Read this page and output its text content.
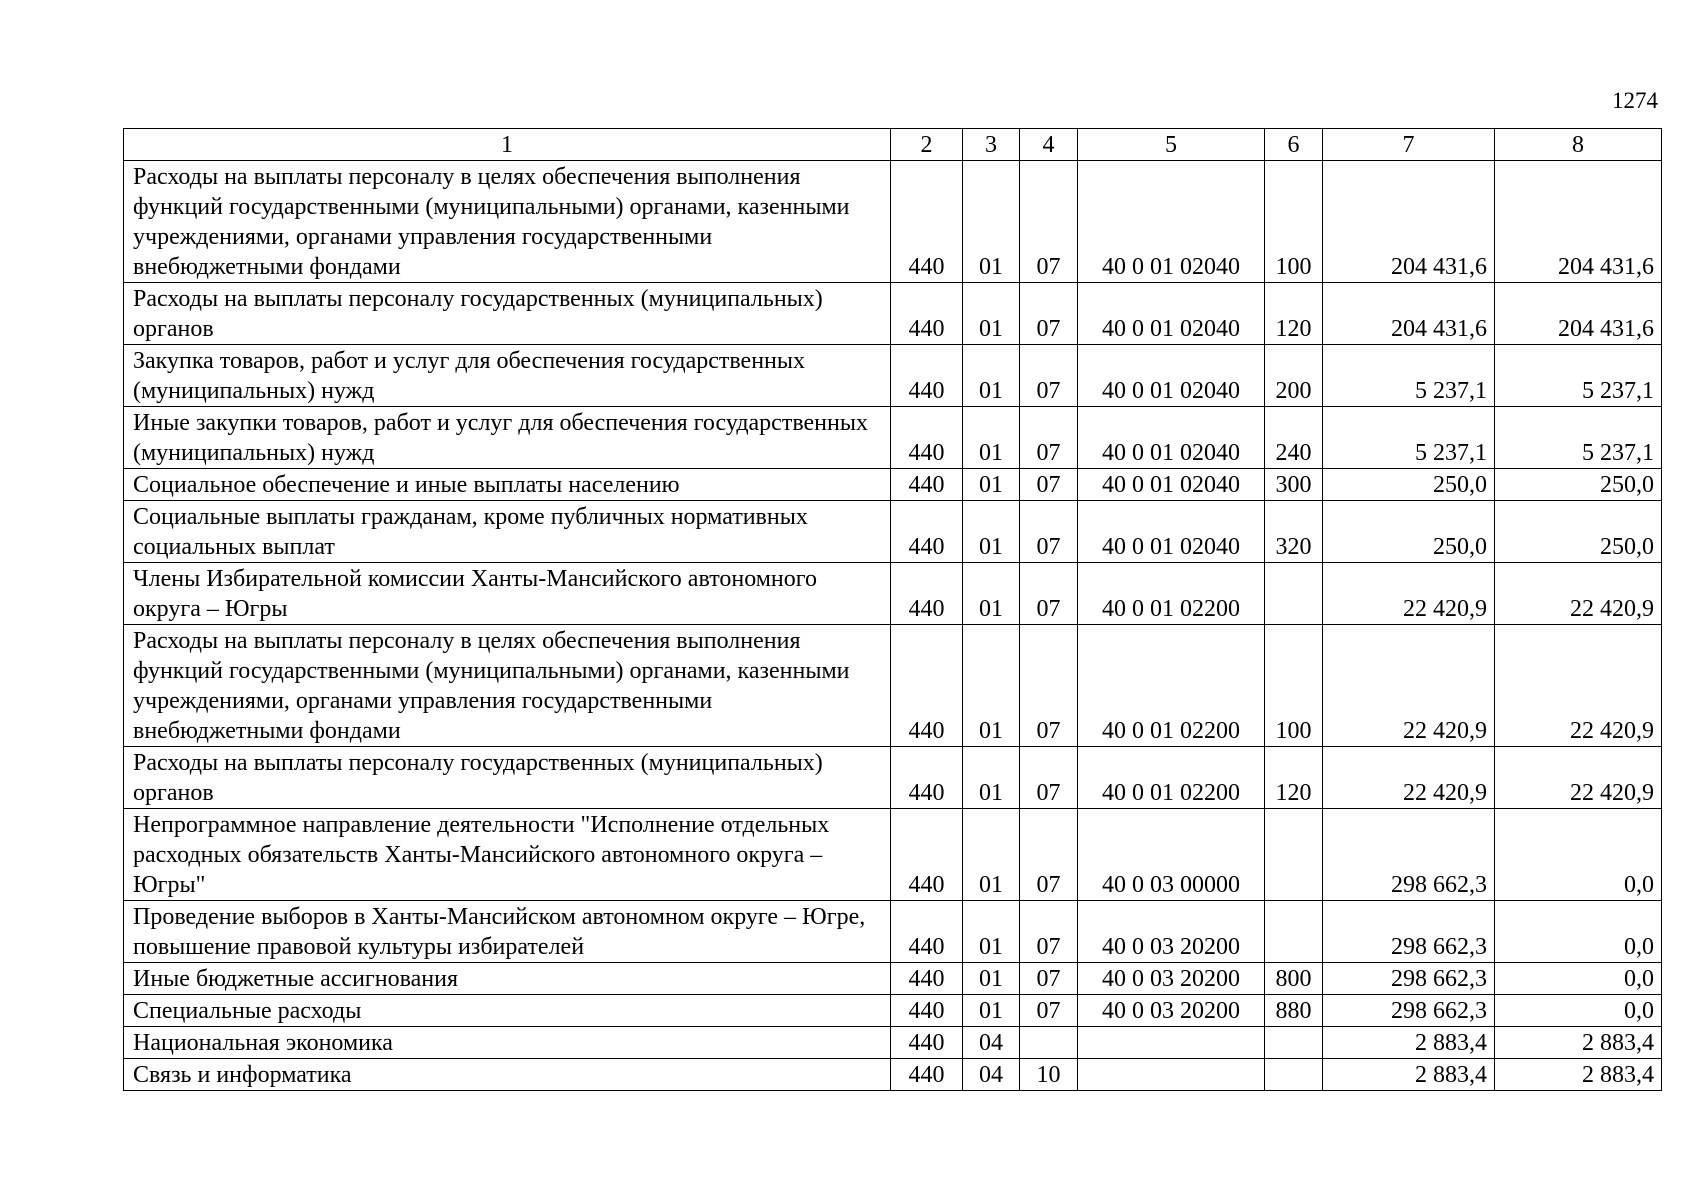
1274
1	2	3	4	5	6	7	8
Расходы на выплаты персоналу в целях обеспечения выполнения функций государственными (муниципальными) органами, казенными учреждениями, органами управления государственными внебюджетными фондами	440	01	07	40 0 01 02040	100	204 431,6	204 431,6
Расходы на выплаты персоналу государственных (муниципальных) органов	440	01	07	40 0 01 02040	120	204 431,6	204 431,6
Закупка товаров, работ и услуг для обеспечения государственных (муниципальных) нужд	440	01	07	40 0 01 02040	200	5 237,1	5 237,1
Иные закупки товаров, работ и услуг для обеспечения государственных (муниципальных) нужд	440	01	07	40 0 01 02040	240	5 237,1	5 237,1
Социальное обеспечение и иные выплаты населению	440	01	07	40 0 01 02040	300	250,0	250,0
Социальные выплаты гражданам, кроме публичных нормативных социальных выплат	440	01	07	40 0 01 02040	320	250,0	250,0
Члены Избирательной комиссии Ханты-Мансийского автономного округа – Югры	440	01	07	40 0 01 02200		22 420,9	22 420,9
Расходы на выплаты персоналу в целях обеспечения выполнения функций государственными (муниципальными) органами, казенными учреждениями, органами управления государственными внебюджетными фондами	440	01	07	40 0 01 02200	100	22 420,9	22 420,9
Расходы на выплаты персоналу государственных (муниципальных) органов	440	01	07	40 0 01 02200	120	22 420,9	22 420,9
Непрограммное направление деятельности "Исполнение отдельных расходных обязательств Ханты-Мансийского автономного округа – Югры"	440	01	07	40 0 03 00000		298 662,3	0,0
Проведение выборов в Ханты-Мансийском автономном округе – Югре, повышение правовой культуры избирателей	440	01	07	40 0 03 20200		298 662,3	0,0
Иные бюджетные ассигнования	440	01	07	40 0 03 20200	800	298 662,3	0,0
Специальные расходы	440	01	07	40 0 03 20200	880	298 662,3	0,0
Национальная экономика	440	04				2 883,4	2 883,4
Связь и информатика	440	04	10			2 883,4	2 883,4
